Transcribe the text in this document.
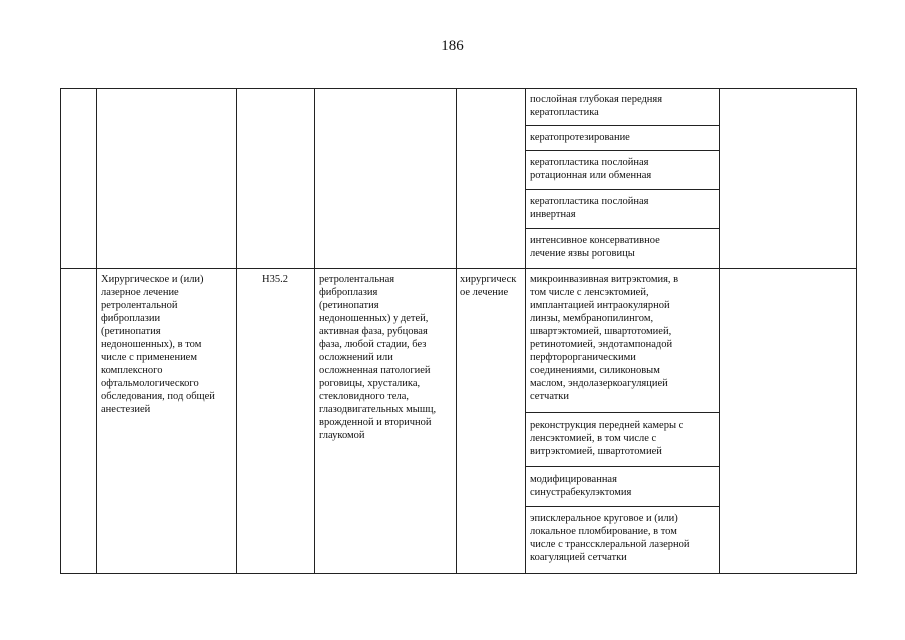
186
послойная глубокая передняя
кератопластика
кератопротезирование
кератопластика послойная
ротационная или обменная
кератопластика послойная
инвертная
интенсивное консервативное
лечение язвы роговицы
Хирургическое и (или)
лазерное лечение
ретролентальной
фиброплазии
(ретинопатия
недоношенных), в том
числе с применением
комплексного
офтальмологического
обследования, под общей
анестезией
H35.2	ретролентальная
фиброплазия
(ретинопатия
недоношенных) у детей,
активная фаза, рубцовая
фаза, любой стадии, без
осложнений или
осложненная патологией
роговицы, хрусталика,
стекловидного тела,
глазодвигательных мышц,
врожденной и вторичной
глаукомой
хирургическ
ое лечение
микроинвазивная витрэктомия, в
том числе с ленсэктомией,
имплантацией интраокулярной
линзы, мембранопилингом,
швартэктомией, швартотомией,
ретинотомией, эндотампонадой
перфторорганическими
соединениями, силиконовым
маслом, эндолазеркоагуляцией
сетчатки
реконструкция передней камеры с
ленсэктомией, в том числе с
витрэктомией, швартотомией
модифицированная
синустрабекулэктомия
эписклеральное круговое и (или)
локальное пломбирование, в том
числе с транссклеральной лазерной
коагуляцией сетчатки
